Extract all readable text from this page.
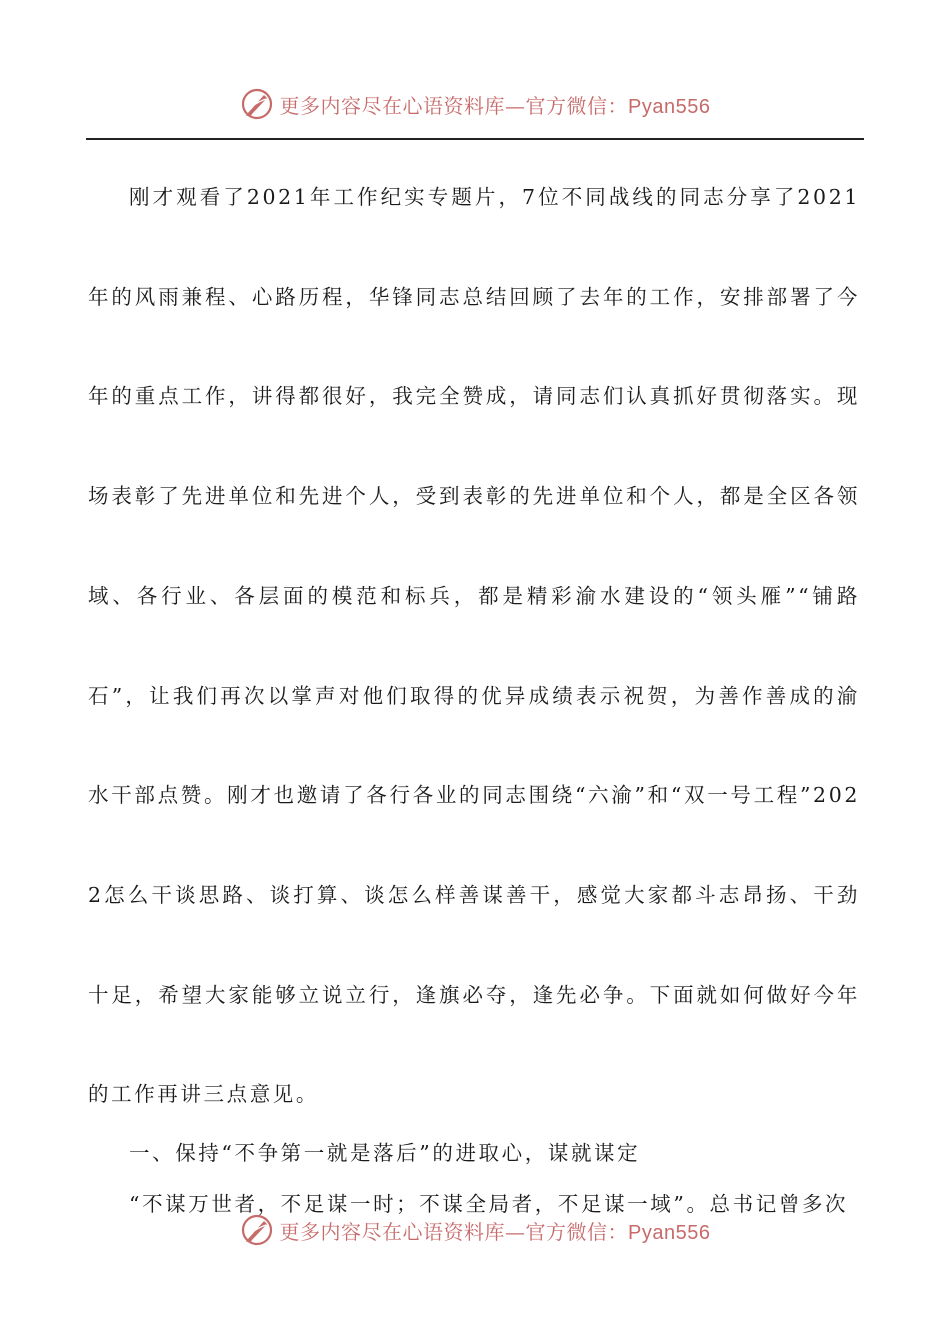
更多内容尽在心语资料库—官方微信：Pyan556

刚才观看了2021年工作纪实专题片，7位不同战线的同志分享了2021年的风雨兼程、心路历程，华锋同志总结回顾了去年的工作，安排部署了今年的重点工作，讲得都很好，我完全赞成，请同志们认真抓好贯彻落实。现场表彰了先进单位和先进个人，受到表彰的先进单位和个人，都是全区各领域、各行业、各层面的模范和标兵，都是精彩渝水建设的“领头雁”“铺路石”，让我们再次以掌声对他们取得的优异成绩表示祝贺，为善作善成的渝水干部点赞。刚才也邀请了各行各业的同志围绕“六渝”和“双一号工程”2022怎么干谈思路、谈打算、谈怎么样善谋善干，感觉大家都斗志昂扬、干劲十足，希望大家能够立说立行，逢旗必夺，逢先必争。下面就如何做好今年的工作再讲三点意见。

一、保持“不争第一就是落后”的进取心，谋就谋定

“不谋万世者，不足谋一时；不谋全局者，不足谋一域”。总书记曾多次

更多内容尽在心语资料库—官方微信：Pyan556
